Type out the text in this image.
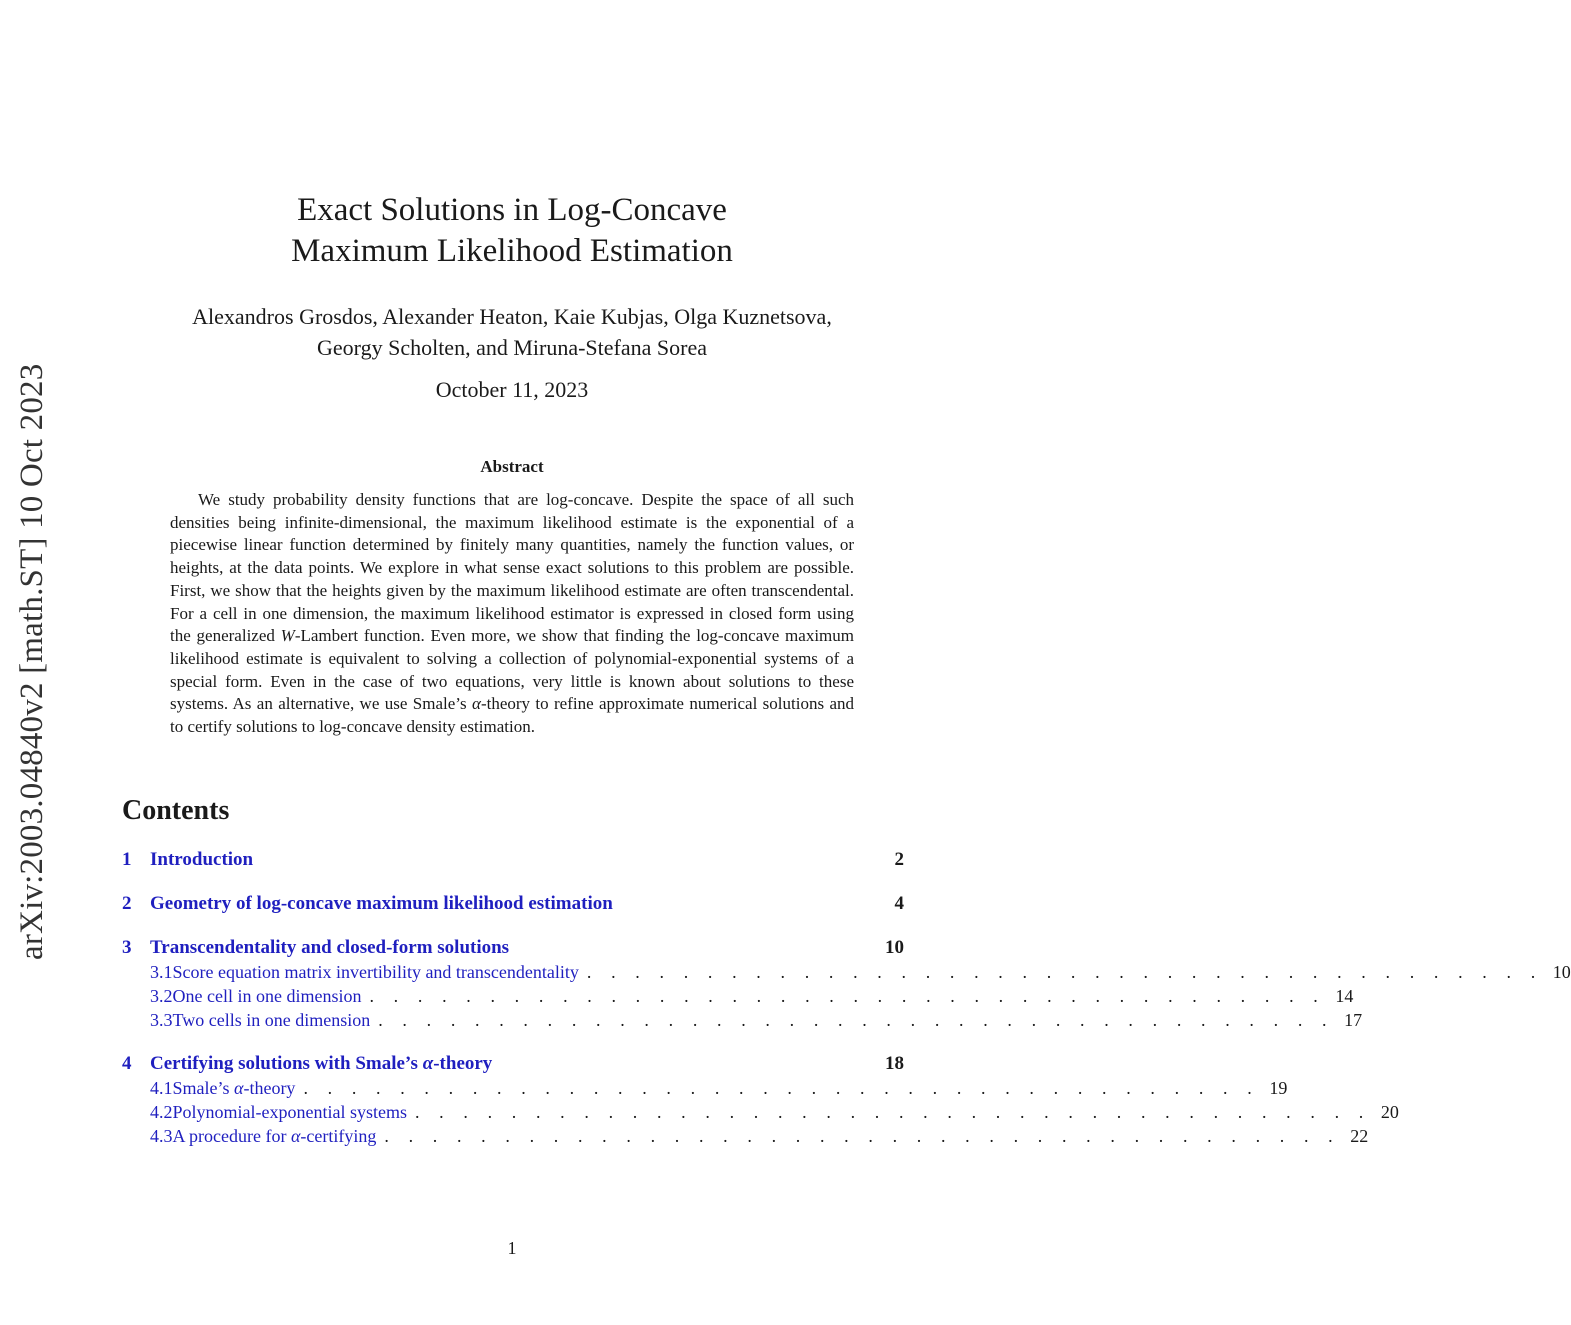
arXiv:2003.04840v2 [math.ST] 10 Oct 2023
Exact Solutions in Log-Concave
Maximum Likelihood Estimation
Alexandros Grosdos, Alexander Heaton, Kaie Kubjas, Olga Kuznetsova,
Georgy Scholten, and Miruna-Stefana Sorea
October 11, 2023
Abstract
We study probability density functions that are log-concave. Despite the space of all such densities being infinite-dimensional, the maximum likelihood estimate is the exponential of a piecewise linear function determined by finitely many quantities, namely the function values, or heights, at the data points. We explore in what sense exact solutions to this problem are possible. First, we show that the heights given by the maximum likelihood estimate are often transcendental. For a cell in one dimension, the maximum likelihood estimator is expressed in closed form using the generalized W-Lambert function. Even more, we show that finding the log-concave maximum likelihood estimate is equivalent to solving a collection of polynomial-exponential systems of a special form. Even in the case of two equations, very little is known about solutions to these systems. As an alternative, we use Smale’s α-theory to refine approximate numerical solutions and to certify solutions to log-concave density estimation.
Contents
1 Introduction	2
2 Geometry of log-concave maximum likelihood estimation	4
3 Transcendentality and closed-form solutions	10
3.1 Score equation matrix invertibility and transcendentality . . . . . . . . . . . . . . . . . . . . . . . . . . . . . . . . . . . . . . . . 10
3.2 One cell in one dimension . . . . . . . . . . . . . . . . . . . . . . . . . . . . . . . . . . . . . . . . 14
3.3 Two cells in one dimension . . . . . . . . . . . . . . . . . . . . . . . . . . . . . . . . . . . . . . . . 17
4 Certifying solutions with Smale’s α-theory	18
4.1 Smale’s α-theory . . . . . . . . . . . . . . . . . . . . . . . . . . . . . . . . . . . . . . . . 19
4.2 Polynomial-exponential systems . . . . . . . . . . . . . . . . . . . . . . . . . . . . . . . . . . . . . . . . 20
4.3 A procedure for α-certifying . . . . . . . . . . . . . . . . . . . . . . . . . . . . . . . . . . . . . . . . 22
1
